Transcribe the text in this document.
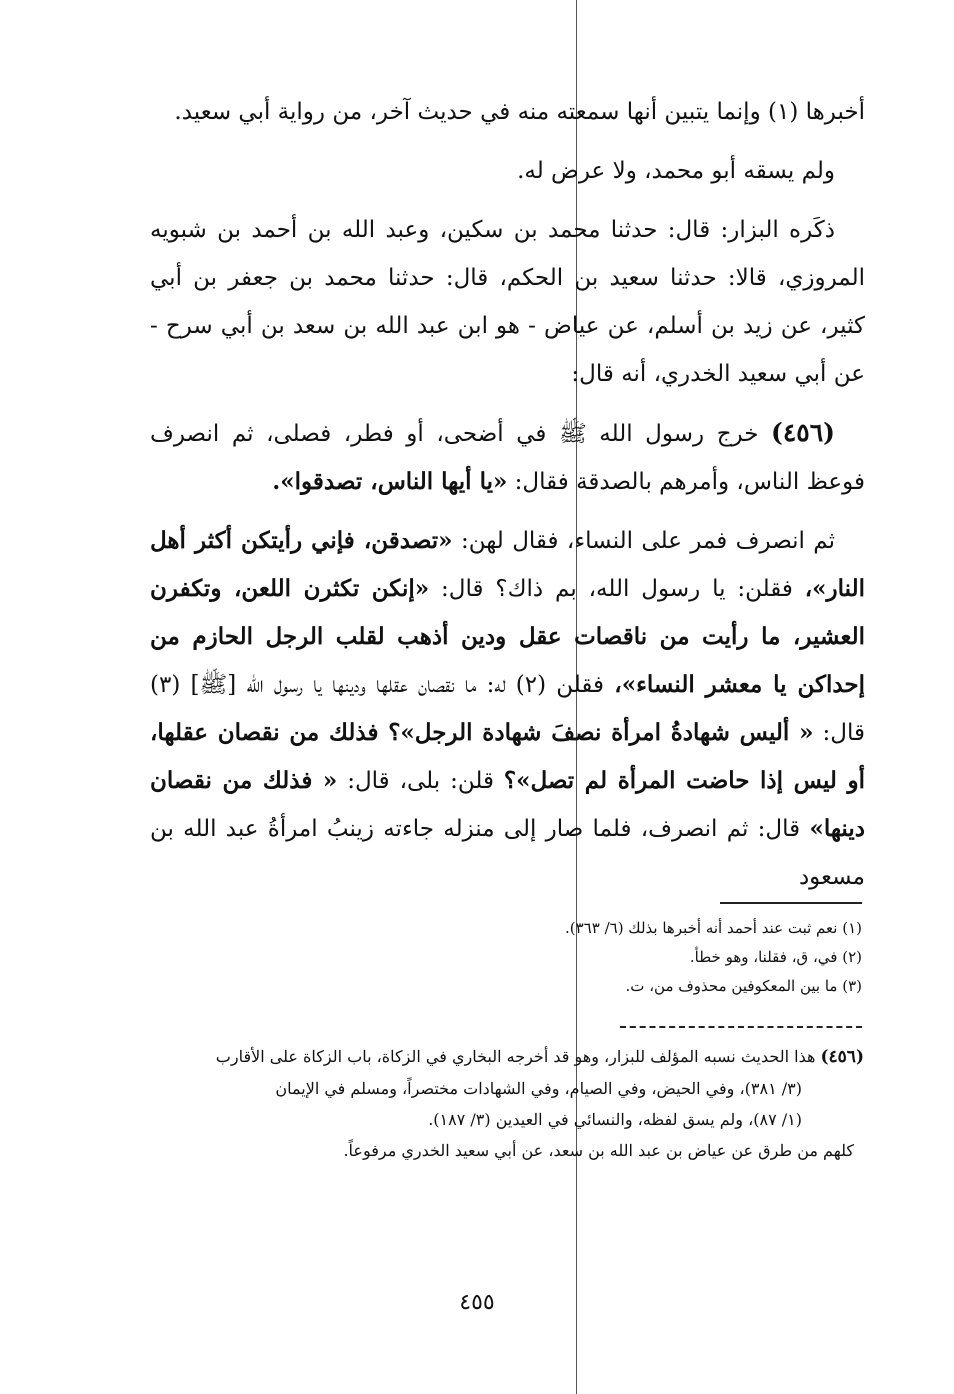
أخبرها (١) وإنما يتبين أنها سمعته منه في حديث آخر، من رواية أبي سعيد.

ولم يسقه أبو محمد، ولا عرض له.

ذكَره البزار: قال: حدثنا محمد بن سكين، وعبد الله بن أحمد بن شبويه المروزي، قالا: حدثنا سعيد بن الحكم، قال: حدثنا محمد بن جعفر بن أبي كثير، عن زيد بن أسلم، عن عياض - هو ابن عبد الله بن سعد بن أبي سرح - عن أبي سعيد الخدري، أنه قال:

(٤٥٦) خرج رسول الله ﷺ في أضحى، أو فطر، فصلى، ثم انصرف فوعظ الناس، وأمرهم بالصدقة فقال: «يا أيها الناس، تصدقوا».

ثم انصرف فمر على النساء، فقال لهن: «تصدقن، فإني رأيتكن أكثر أهل النار»، فقلن: يا رسول الله، بم ذاك؟ قال: «إنكن تكثرن اللعن، وتكفرن العشير، ما رأيت من ناقصات عقل ودين أذهب لقلب الرجل الحازم من إحداكن يا معشر النساء»، فقلن (٢) له: ما نقصان عقلها ودينها يا رسول الله [ﷺ] (٣) قال: « أليس شهادةُ امرأة نصفَ شهادة الرجل»؟ فذلك من نقصان عقلها، أو ليس إذا حاضت المرأة لم تصل»؟ قلن: بلى، قال: « فذلك من نقصان دينها» قال: ثم انصرف، فلما صار إلى منزله جاءته زينبُ امرأةُ عبد الله بن مسعود

(١) نعم ثبت عند أحمد أنه أخبرها بذلك (٦/ ٣٦٣).

(٢) في، ق، فقلنا، وهو خطأ.

(٣) ما بين المعكوفين محذوف من، ت.

(٤٥٦) هذا الحديث نسبه المؤلف للبزار، وهو قد أخرجه البخاري في الزكاة، باب الزكاة على الأقارب

(٣/ ٣٨١)، وفي الحيض، وفي الصيام، وفي الشهادات مختصراً، ومسلم في الإيمان

(١/ ٨٧)، ولم يسق لفظه، والنسائي في العيدين (٣/ ١٨٧).

كلهم من طرق عن عياض بن عبد الله بن سعد، عن أبي سعيد الخدري مرفوعاً.

٤٥٥
